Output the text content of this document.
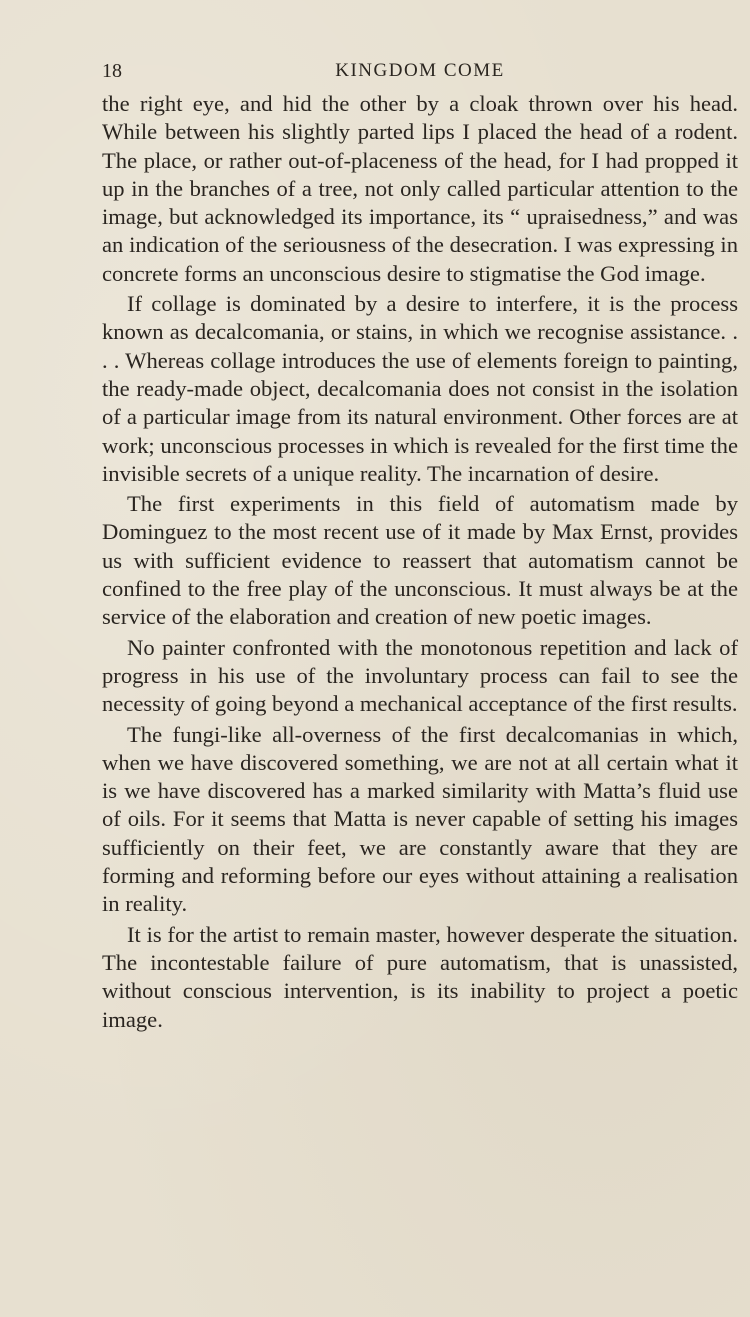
18	KINGDOM COME

the right eye, and hid the other by a cloak thrown over his head. While between his slightly parted lips I placed the head of a rodent. The place, or rather out-of-placeness of the head, for I had propped it up in the branches of a tree, not only called particular attention to the image, but acknowledged its importance, its “ upraisedness,” and was an indication of the seriousness of the desecration. I was expressing in concrete forms an unconscious desire to stigmatise the God image.

If collage is dominated by a desire to interfere, it is the process known as decalcomania, or stains, in which we recognise assistance. . . . Whereas collage introduces the use of elements foreign to painting, the ready-made object, decalcomania does not consist in the isolation of a particular image from its natural environment. Other forces are at work; unconscious processes in which is revealed for the first time the invisible secrets of a unique reality. The incarnation of desire.

The first experiments in this field of automatism made by Dominguez to the most recent use of it made by Max Ernst, provides us with sufficient evidence to reassert that automatism cannot be confined to the free play of the unconscious. It must always be at the service of the elaboration and creation of new poetic images.

No painter confronted with the monotonous repetition and lack of progress in his use of the involuntary process can fail to see the necessity of going beyond a mechanical acceptance of the first results.

The fungi-like all-overness of the first decalcomanias in which, when we have discovered something, we are not at all certain what it is we have discovered has a marked similarity with Matta’s fluid use of oils. For it seems that Matta is never capable of setting his images sufficiently on their feet, we are constantly aware that they are forming and reforming before our eyes without attaining a realisation in reality.

It is for the artist to remain master, however desperate the situation. The incontestable failure of pure automatism, that is unassisted, without conscious intervention, is its inability to project a poetic image.
